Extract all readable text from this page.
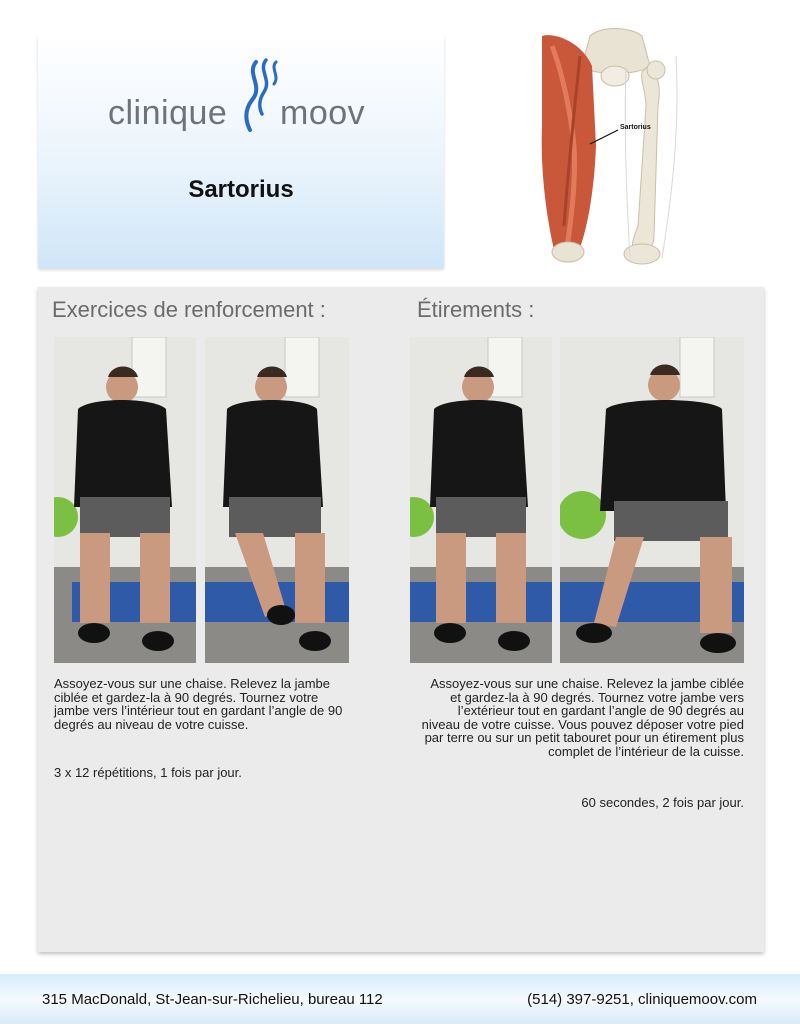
clinique moov
Sartorius
Sartorius
Exercices de renforcement :	Étirements :
Assoyez-vous sur une chaise. Relevez la jambe ciblée et gardez-la à 90 degrés. Tournez votre jambe vers l’intérieur tout en gardant l’angle de 90 degrés au niveau de votre cuisse.
3 x 12 répétitions, 1 fois par jour.
Assoyez-vous sur une chaise. Relevez la jambe ciblée et gardez-la à 90 degrés. Tournez votre jambe vers l’extérieur tout en gardant l’angle de 90 degrés au niveau de votre cuisse. Vous pouvez déposer votre pied par terre ou sur un petit tabouret pour un étirement plus complet de l’intérieur de la cuisse.
60 secondes, 2 fois par jour.
315 MacDonald, St-Jean-sur-Richelieu, bureau 112	(514) 397-9251, cliniquemoov.com
